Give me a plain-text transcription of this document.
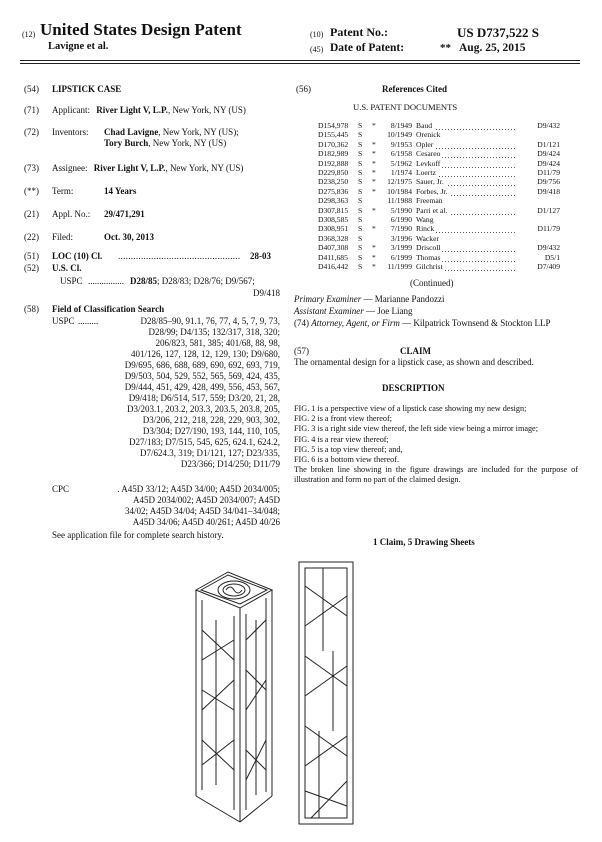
(12) United States Design Patent
Lavigne et al.
(10) Patent No.:	US D737,522 S
(45) Date of Patent:	** Aug. 25, 2015
(54) LIPSTICK CASE
(71) Applicant: River Light V, L.P., New York, NY (US)
(72) Inventors: Chad Lavigne, New York, NY (US);
Tory Burch, New York, NY (US)
(73) Assignee: River Light V, L.P., New York, NY (US)
(**) Term:	14 Years
(21) Appl. No.: 29/471,291
(22) Filed:	Oct. 30, 2013
(51) LOC (10) Cl. ................................................ 28-03
(52) U.S. Cl.
USPC ................ D28/85; D28/83; D28/76; D9/567;
D9/418
(58) Field of Classification Search
USPC .........	D28/85–90, 91.1, 76, 77, 4, 5, 7, 9, 73,
D28/99; D4/135; 132/317, 318, 320;
206/823, 581, 385; 401/68, 88, 98,
401/126, 127, 128, 12, 129, 130; D9/680,
D9/695, 686, 688, 689, 690, 692, 693, 719,
D9/503, 504, 529, 552, 565, 569, 424, 435,
D9/444, 451, 429, 428, 499, 556, 453, 567,
D9/418; D6/514, 517, 559; D3/20, 21, 28,
D3/203.1, 203.2, 203.3, 203.5, 203.8, 205,
D3/206, 212, 218, 228, 229, 903, 302,
D3/304; D27/190, 193, 144, 110, 105,
D27/183; D7/515, 545, 625, 624.1, 624.2,
D7/624.3, 319; D1/121, 127; D23/335,
D23/366; D14/250; D11/79
CPC	. A45D 33/12; A45D 34/00; A45D 2034/005;
A45D 2034/002; A45D 2034/007; A45D
34/02; A45D 34/04; A45D 34/041–34/048;
A45D 34/06; A45D 40/261; A45D 40/26
See application file for complete search history.
(56)	References Cited
U.S. PATENT DOCUMENTS
D154,978	S	*	8/1949	Baud	D9/432
D155,445	S		10/1949	Orenick	
D170,362	S	*	9/1953	Opler	D1/121
D182,989	S	*	6/1958	Cesareo	D9/424
D192,888	S	*	5/1962	Levkoff	D9/424
D229,850	S	*	1/1974	Loertz	D11/79
D238,250	S	*	12/1975	Sauer, Jr.	D9/756
D275,836	S	*	10/1984	Forbes, Jr.	D9/418
D298,363	S		11/1988	Freeman	
D307,815	S	*	5/1990	Parri et al.	D1/127
D308,585	S		6/1990	Wang	
D308,951	S	*	7/1990	Rinck	D11/79
D368,328	S		3/1996	Wacker	
D407,308	S	*	3/1999	Driscoll	D9/432
D411,685	S	*	6/1999	Thomas	D5/1
D416,442	S	*	11/1999	Gilchrist	D7/409
(Continued)
Primary Examiner — Marianne Pandozzi
Assistant Examiner — Joe Liang
(74) Attorney, Agent, or Firm — Kilpatrick Townsend & Stockton LLP
(57)	CLAIM
The ornamental design for a lipstick case, as shown and described.
DESCRIPTION
FIG. 1 is a perspective view of a lipstick case showing my new design;
FIG. 2 is a front view thereof;
FIG. 3 is a right side view thereof, the left side view being a mirror image;
FIG. 4 is a rear view thereof;
FIG. 5 is a top view thereof; and,
FIG. 6 is a bottom view thereof.
The broken line showing in the figure drawings are included for the purpose of illustration and form no part of the claimed design.
1 Claim, 5 Drawing Sheets
